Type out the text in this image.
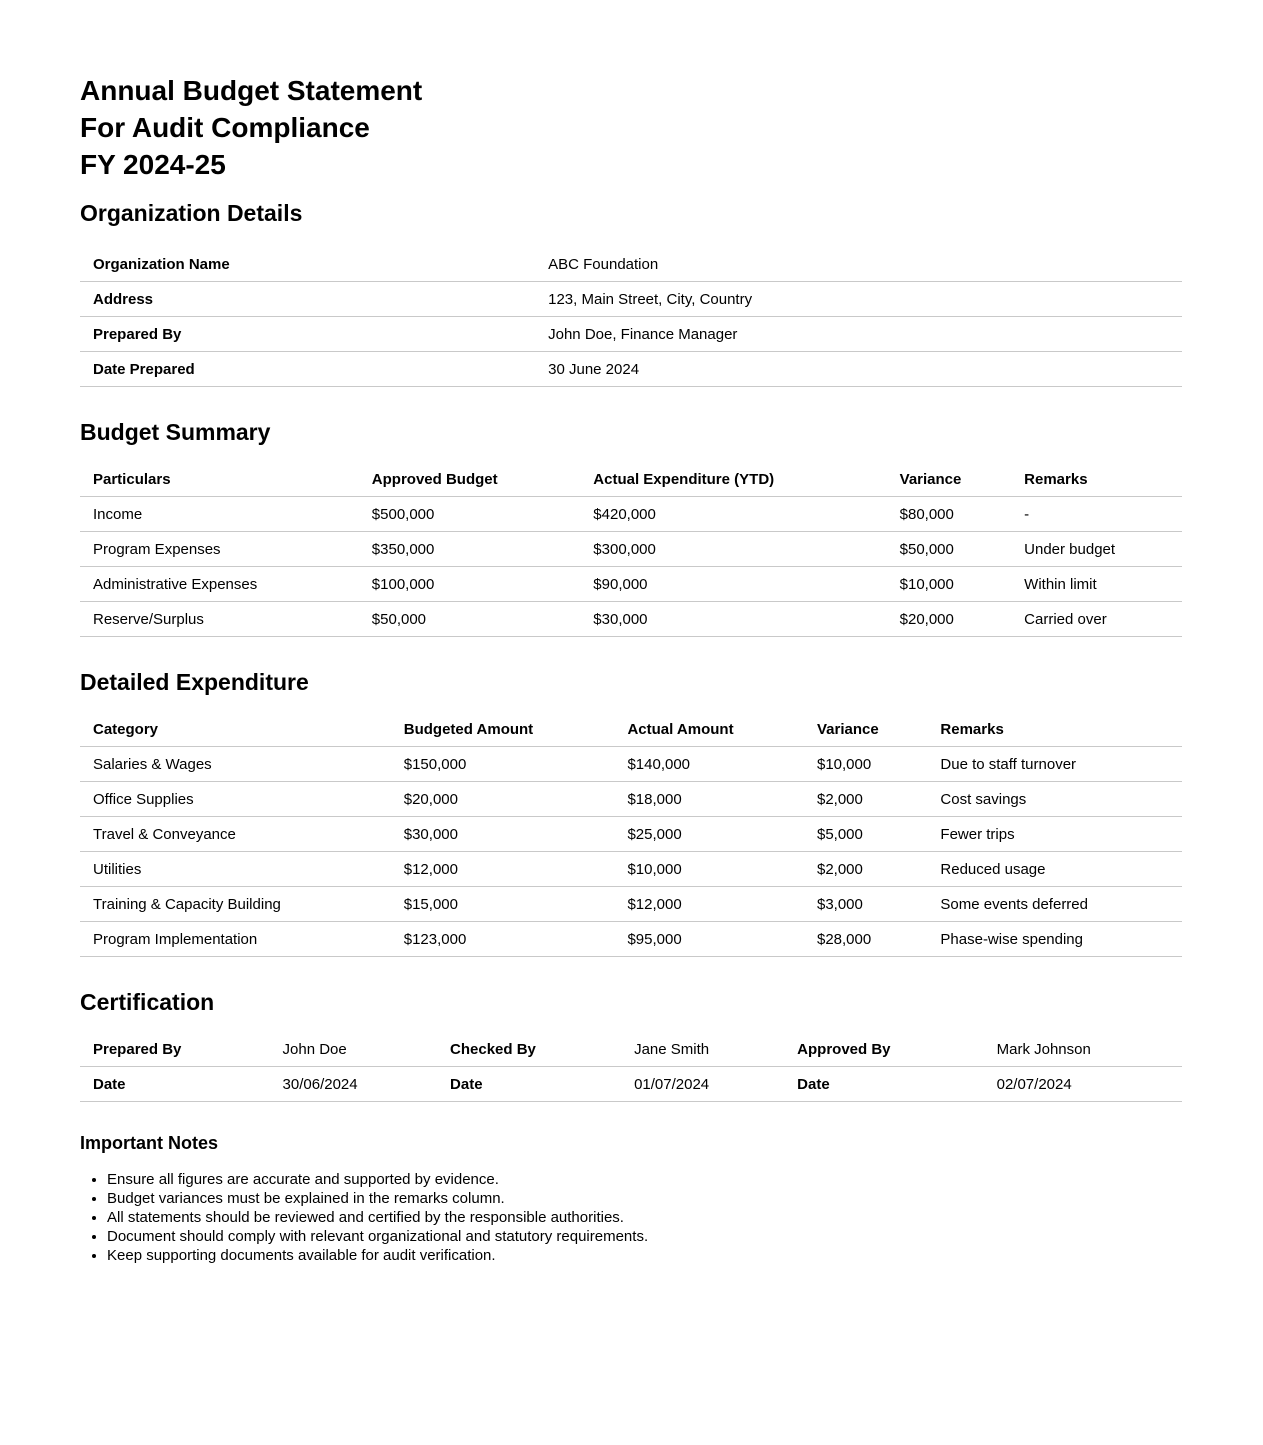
Annual Budget Statement
For Audit Compliance
FY 2024-25
Organization Details
Organization Name	ABC Foundation
Address	123, Main Street, City, Country
Prepared By	John Doe, Finance Manager
Date Prepared	30 June 2024
Budget Summary
Particulars	Approved Budget	Actual Expenditure (YTD)	Variance	Remarks
Income	$500,000	$420,000	$80,000	-
Program Expenses	$350,000	$300,000	$50,000	Under budget
Administrative Expenses	$100,000	$90,000	$10,000	Within limit
Reserve/Surplus	$50,000	$30,000	$20,000	Carried over
Detailed Expenditure
Category	Budgeted Amount	Actual Amount	Variance	Remarks
Salaries & Wages	$150,000	$140,000	$10,000	Due to staff turnover
Office Supplies	$20,000	$18,000	$2,000	Cost savings
Travel & Conveyance	$30,000	$25,000	$5,000	Fewer trips
Utilities	$12,000	$10,000	$2,000	Reduced usage
Training & Capacity Building	$15,000	$12,000	$3,000	Some events deferred
Program Implementation	$123,000	$95,000	$28,000	Phase-wise spending
Certification
Prepared By	John Doe	Checked By	Jane Smith	Approved By	Mark Johnson
Date	30/06/2024	Date	01/07/2024	Date	02/07/2024
Important Notes
• Ensure all figures are accurate and supported by evidence.
• Budget variances must be explained in the remarks column.
• All statements should be reviewed and certified by the responsible authorities.
• Document should comply with relevant organizational and statutory requirements.
• Keep supporting documents available for audit verification.
